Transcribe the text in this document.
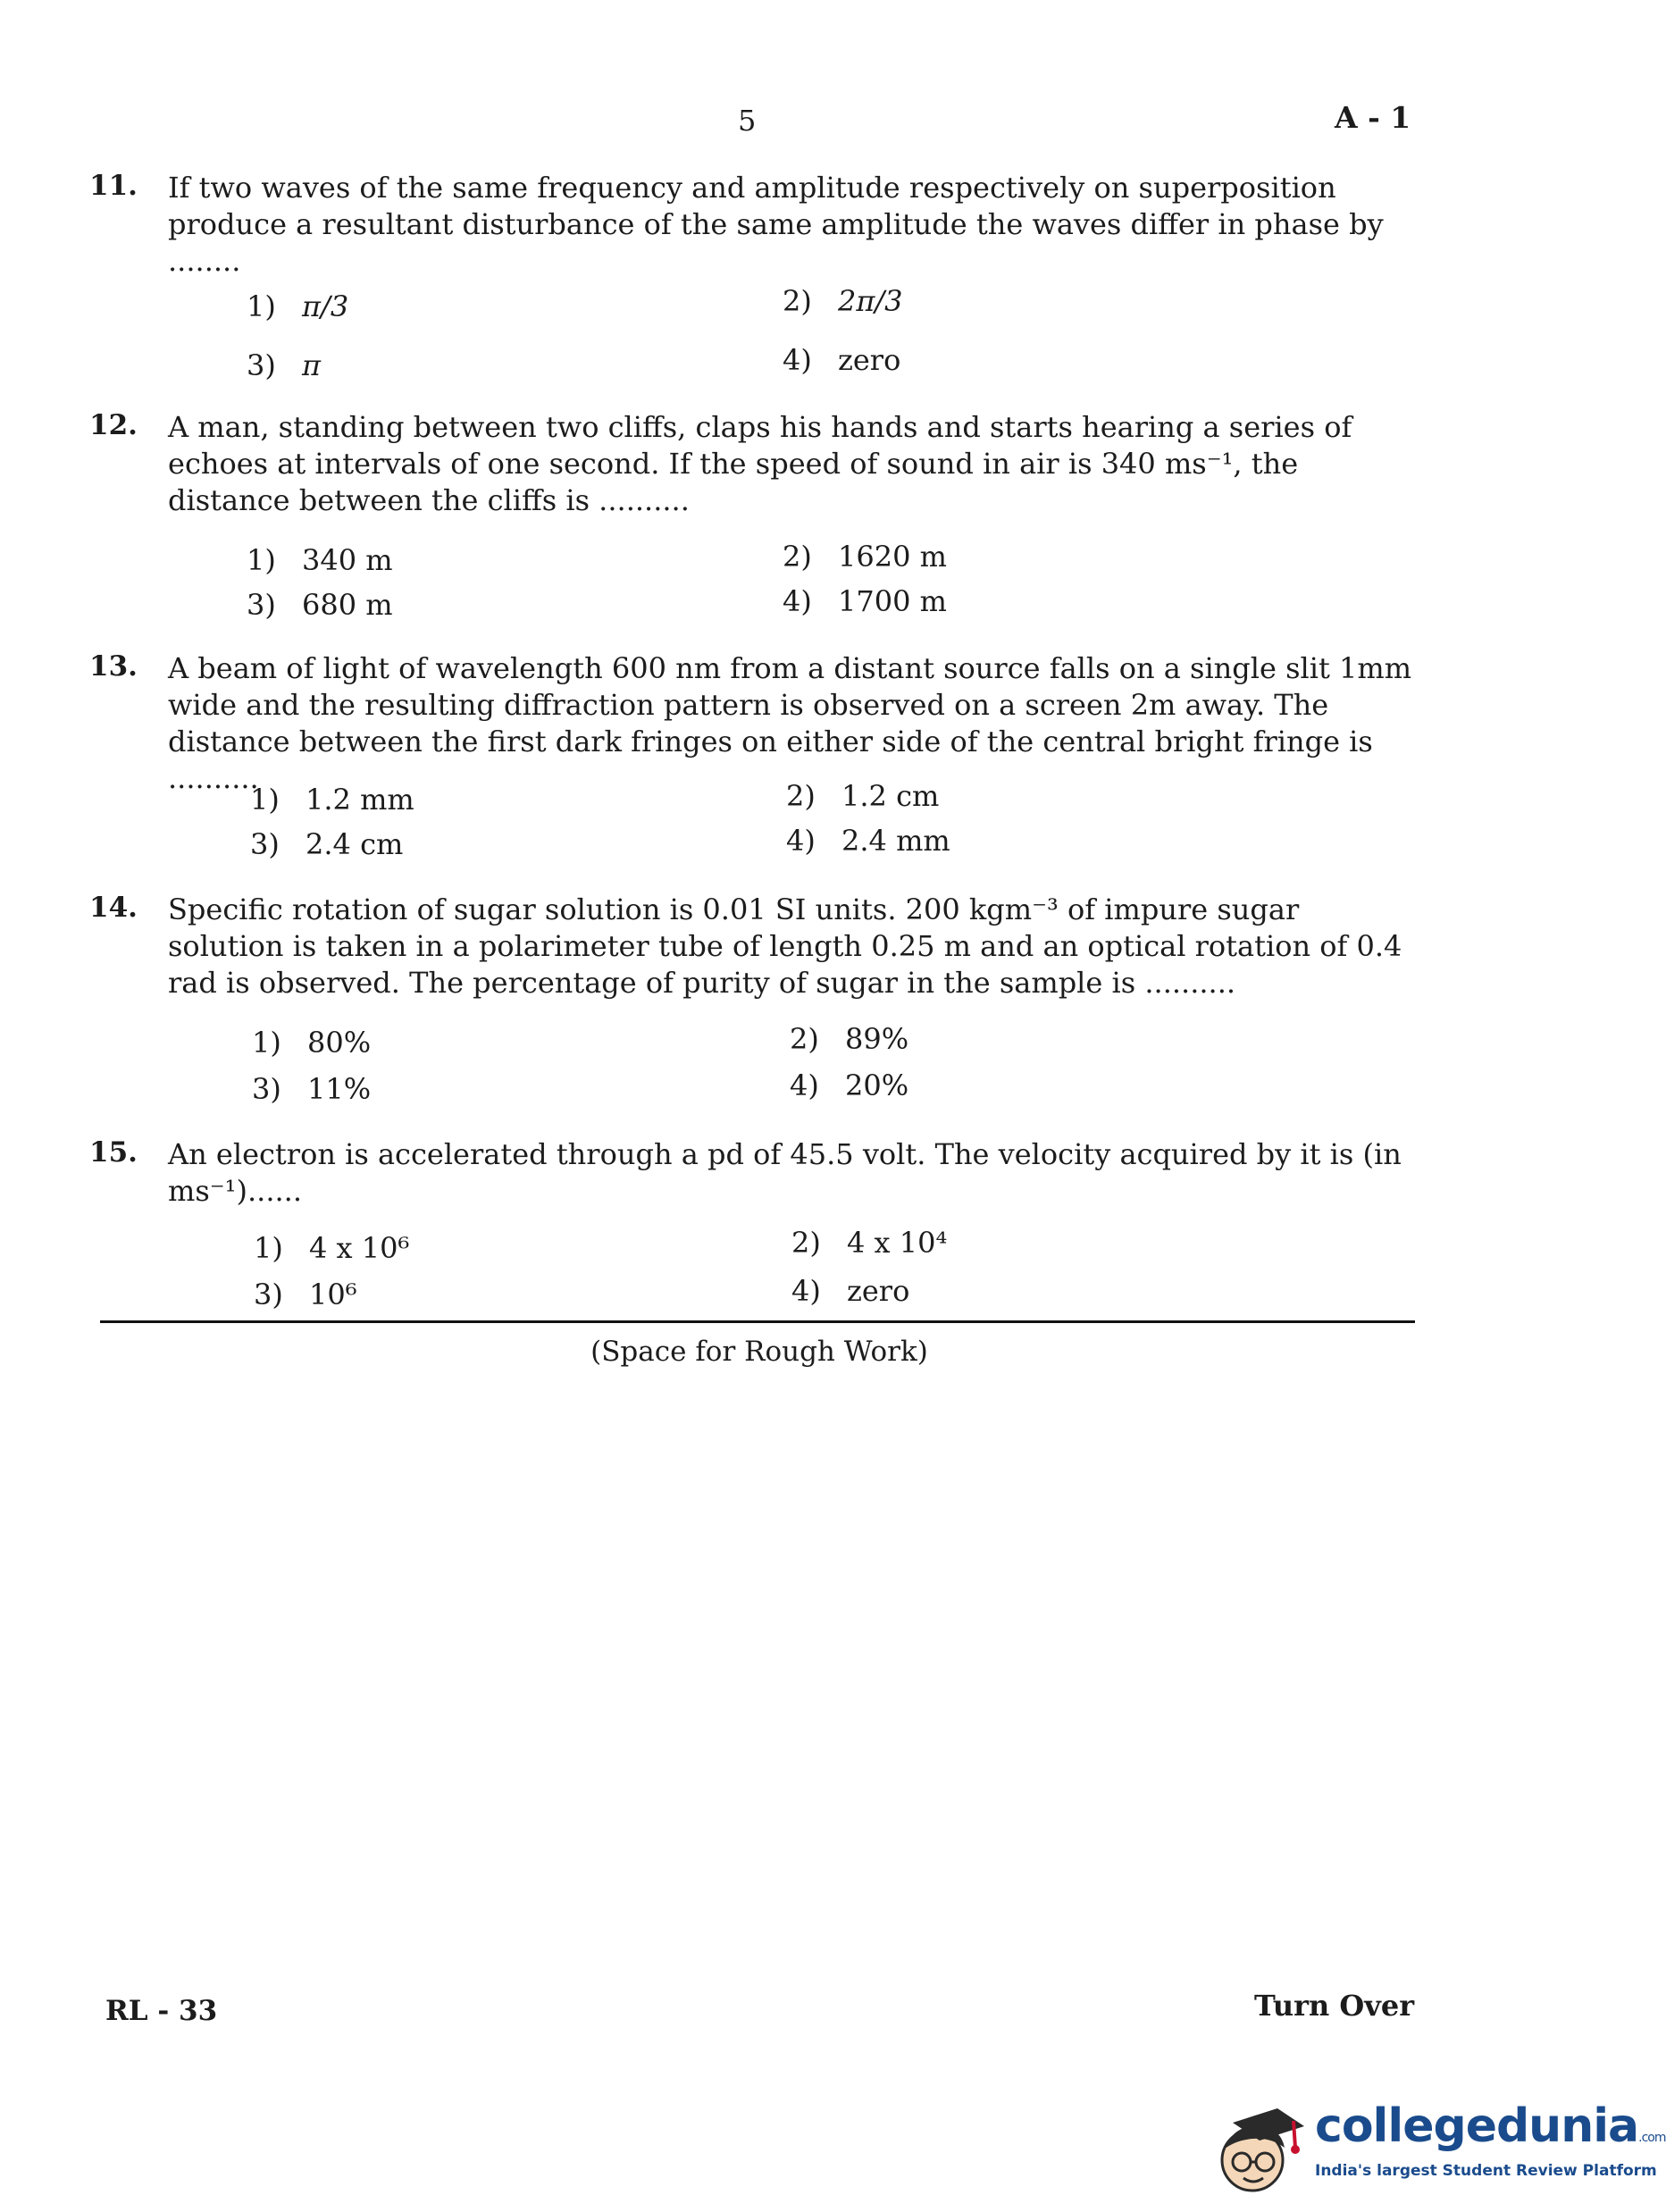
5	A - 1
11. If two waves of the same frequency and amplitude respectively on superposition produce a resultant disturbance of the same amplitude the waves differ in phase by ........
1) π/3	2) 2π/3
3) π	4) zero
12. A man, standing between two cliffs, claps his hands and starts hearing a series of echoes at intervals of one second. If the speed of sound in air is 340 ms⁻¹, the distance between the cliffs is ..........
1) 340 m	2) 1620 m
3) 680 m	4) 1700 m
13. A beam of light of wavelength 600 nm from a distant source falls on a single slit 1mm wide and the resulting diffraction pattern is observed on a screen 2m away. The distance between the first dark fringes on either side of the central bright fringe is ..........
1) 1.2 mm	2) 1.2 cm
3) 2.4 cm	4) 2.4 mm
14. Specific rotation of sugar solution is 0.01 SI units. 200 kgm⁻³ of impure sugar solution is taken in a polarimeter tube of length 0.25 m and an optical rotation of 0.4 rad is observed. The percentage of purity of sugar in the sample is ..........
1) 80%	2) 89%
3) 11%	4) 20%
15. An electron is accelerated through a pd of 45.5 volt. The velocity acquired by it is (in ms⁻¹)......
1) 4 x 10⁶	2) 4 x 10⁴
3) 10⁶	4) zero
(Space for Rough Work)
RL - 33	Turn Over
collegedunia.com
India's largest Student Review Platform
